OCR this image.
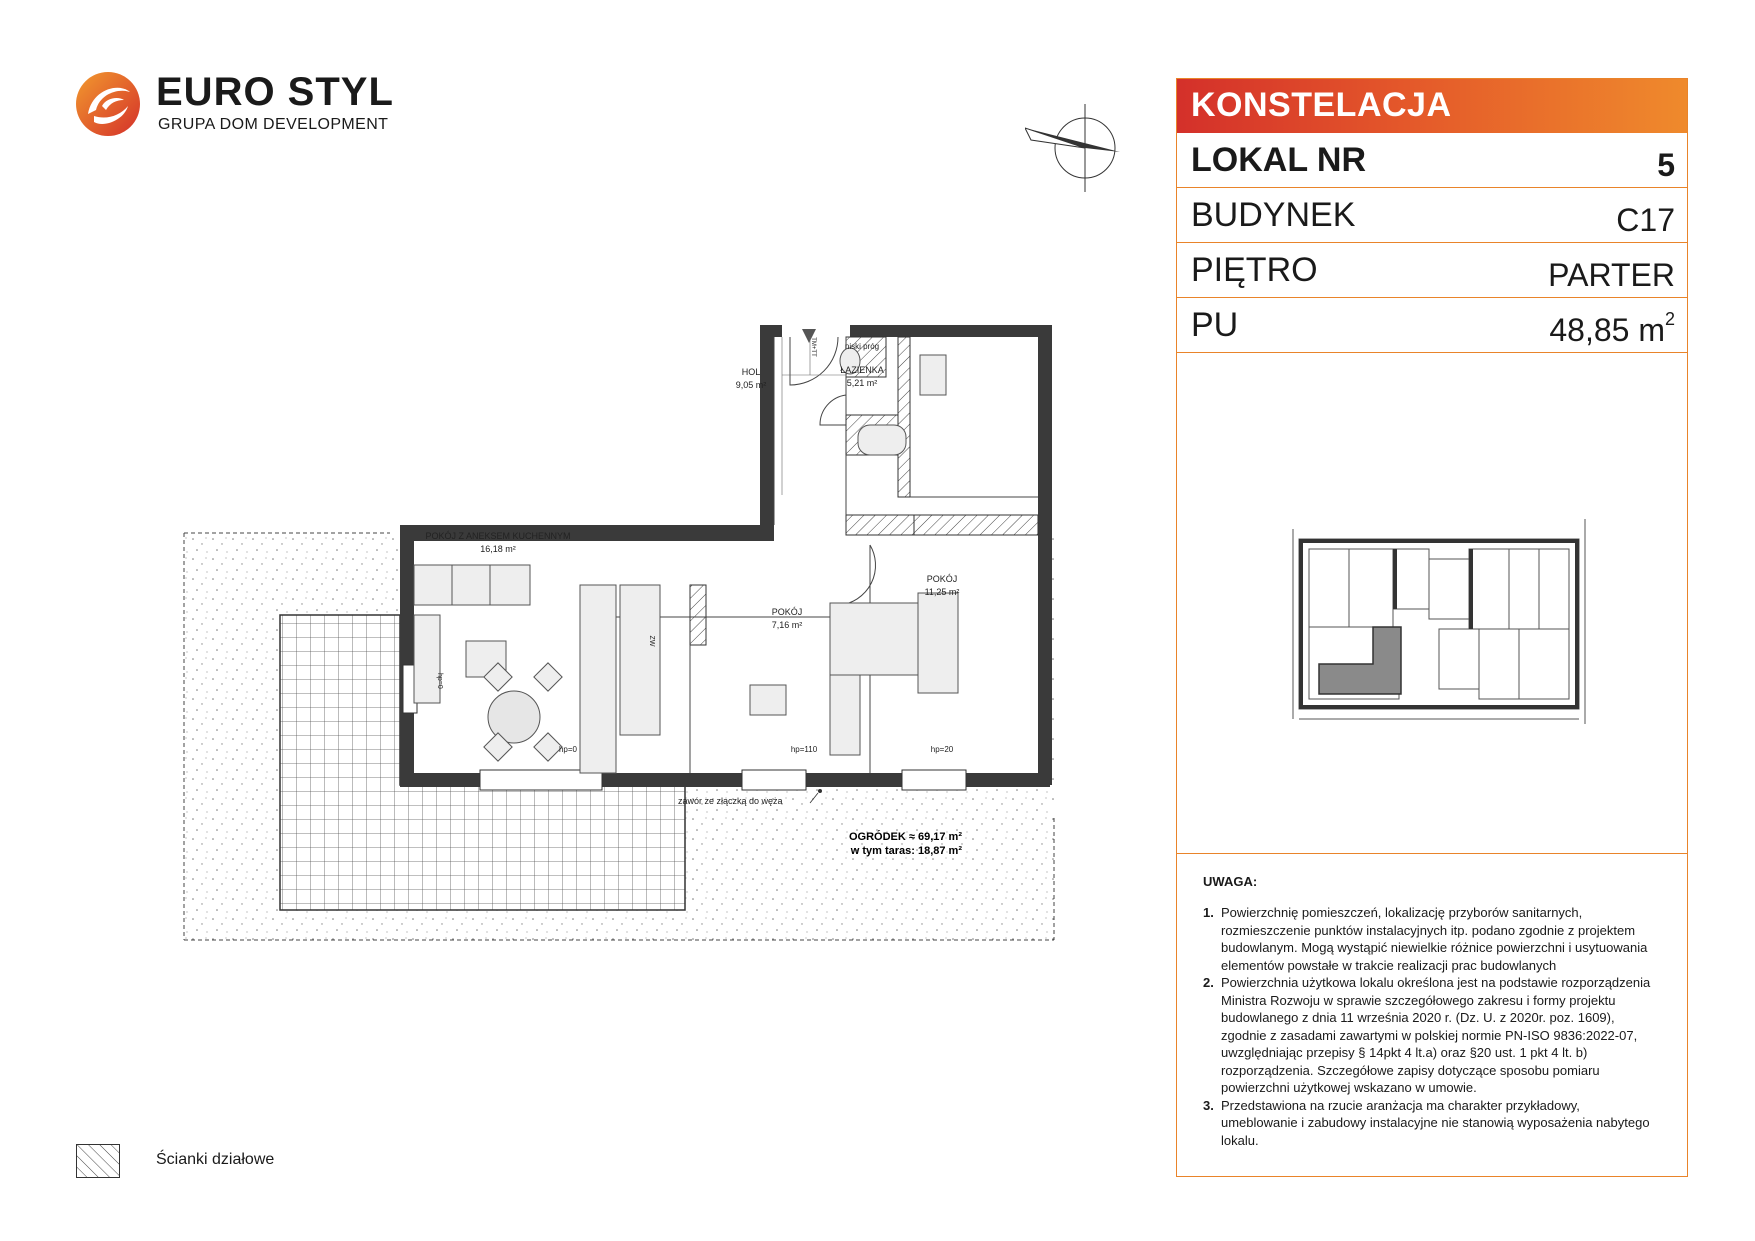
EURO STYL
GRUPA DOM DEVELOPMENT
HOL
9,05 m²
ŁAZIENKA
5,21 m²
POKÓJ Z ANEKSEM KUCHENNYM
16,18 m²
POKÓJ
7,16 m²
POKÓJ
11,25 m²
niski próg
TM+TT
hp=0
hp=0	hp=110	hp=20
ZW
zawór ze złączką do węża
OGRÓDEK ≈ 69,17 m²
w tym taras: 18,87 m²
KONSTELACJA
LOKAL NR	5
BUDYNEK	C17
PIĘTRO	PARTER
PU	48,85 $m^2$
UWAGA:
1. Powierzchnię pomieszczeń, lokalizację przyborów sanitarnych, rozmieszczenie punktów instalacyjnych itp. podano zgodnie z projektem budowlanym. Mogą wystąpić niewielkie różnice powierzchni i usytuowania elementów powstałe w trakcie realizacji prac budowlanych
2. Powierzchnia użytkowa lokalu określona jest na podstawie rozporządzenia Ministra Rozwoju w sprawie szczegółowego zakresu i formy projektu budowlanego z dnia 11 września 2020 r. (Dz. U. z 2020r. poz. 1609), zgodnie z zasadami zawartymi w polskiej normie PN-ISO 9836:2022-07, uwzględniając przepisy § 14pkt 4 lt.a) oraz §20 ust. 1 pkt 4 lt. b) rozporządzenia. Szczegółowe zapisy dotyczące sposobu pomiaru powierzchni użytkowej wskazano w umowie.
3. Przedstawiona na rzucie aranżacja ma charakter przykładowy, umeblowanie i zabudowy instalacyjne nie stanowią wyposażenia nabytego lokalu.
Ścianki działowe
